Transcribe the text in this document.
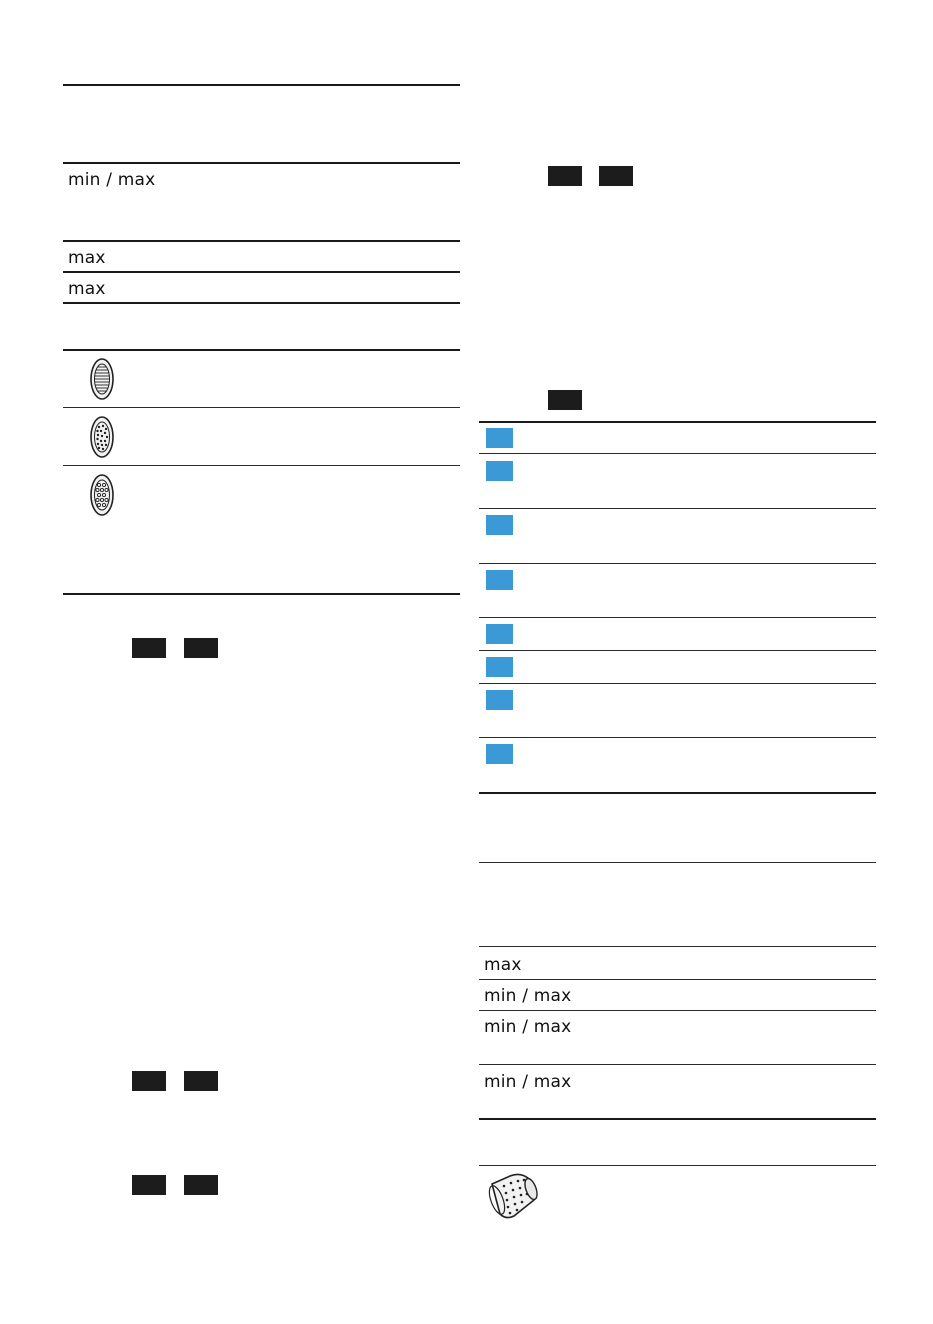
min / max
max
max
max
min / max
min / max
min / max
